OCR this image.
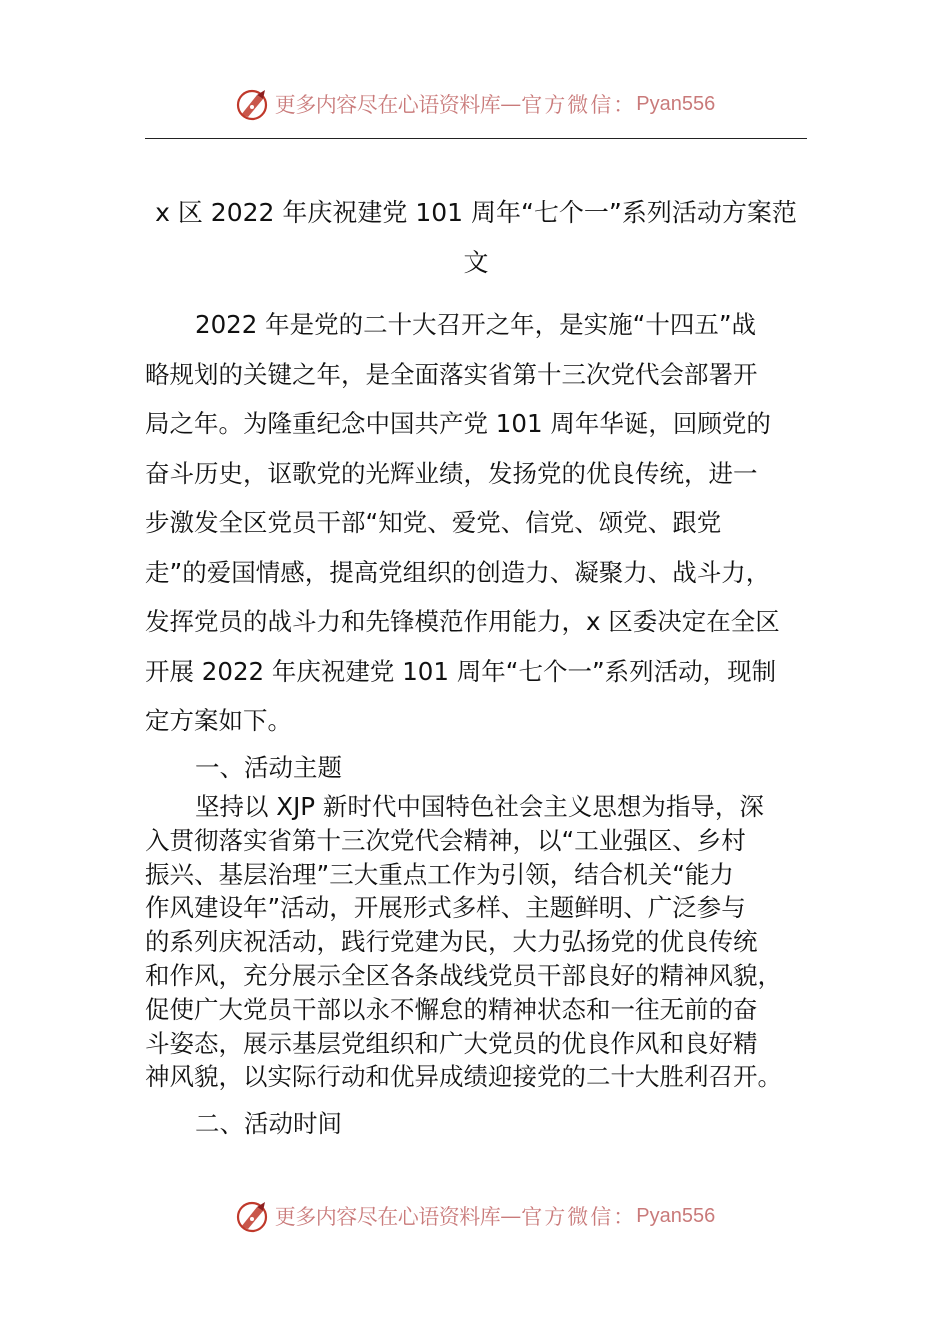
更多内容尽在心语资料库 — 官方微信： Pyan556
x 区 2022 年庆祝建党 101 周年“七个一”系列活动方案范
文
2022 年是党的二十大召开之年，是实施“十四五”战
略规划的关键之年，是全面落实省第十三次党代会部署开
局之年。为隆重纪念中国共产党 101 周年华诞，回顾党的
奋斗历史，讴歌党的光辉业绩，发扬党的优良传统，进一
步激发全区党员干部“知党、爱党、信党、颂党、跟党
走”的爱国情感，提高党组织的创造力、凝聚力、战斗力，
发挥党员的战斗力和先锋模范作用能力，x 区委决定在全区
开展 2022 年庆祝建党 101 周年“七个一”系列活动，现制
定方案如下。
一、活动主题
坚持以 XJP 新时代中国特色社会主义思想为指导，深
入贯彻落实省第十三次党代会精神，以“工业强区、乡村
振兴、基层治理”三大重点工作为引领，结合机关“能力
作风建设年”活动，开展形式多样、主题鲜明、广泛参与
的系列庆祝活动，践行党建为民，大力弘扬党的优良传统
和作风，充分展示全区各条战线党员干部良好的精神风貌，
促使广大党员干部以永不懈怠的精神状态和一往无前的奋
斗姿态，展示基层党组织和广大党员的优良作风和良好精
神风貌，以实际行动和优异成绩迎接党的二十大胜利召开。
二、活动时间
更多内容尽在心语资料库 — 官方微信： Pyan556
